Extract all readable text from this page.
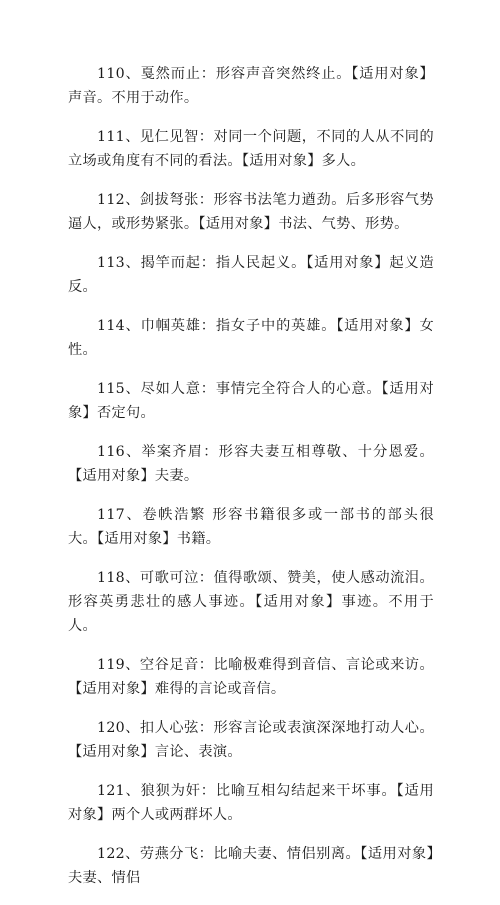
110、戛然而止：形容声音突然终止。【适用对象】声音。不用于动作。

111、见仁见智：对同一个问题，不同的人从不同的立场或角度有不同的看法。【适用对象】多人。

112、剑拔弩张：形容书法笔力遒劲。后多形容气势逼人，或形势紧张。【适用对象】书法、气势、形势。

113、揭竿而起：指人民起义。【适用对象】起义造反。

114、巾帼英雄：指女子中的英雄。【适用对象】女性。

115、尽如人意：事情完全符合人的心意。【适用对象】否定句。

116、举案齐眉：形容夫妻互相尊敬、十分恩爱。【适用对象】夫妻。

117、卷帙浩繁 形容书籍很多或一部书的部头很大。【适用对象】书籍。

118、可歌可泣：值得歌颂、赞美，使人感动流泪。形容英勇悲壮的感人事迹。【适用对象】事迹。不用于人。

119、空谷足音：比喻极难得到音信、言论或来访。【适用对象】难得的言论或音信。

120、扣人心弦：形容言论或表演深深地打动人心。【适用对象】言论、表演。

121、狼狈为奸：比喻互相勾结起来干坏事。【适用对象】两个人或两群坏人。

122、劳燕分飞：比喻夫妻、情侣别离。【适用对象】夫妻、情侣
